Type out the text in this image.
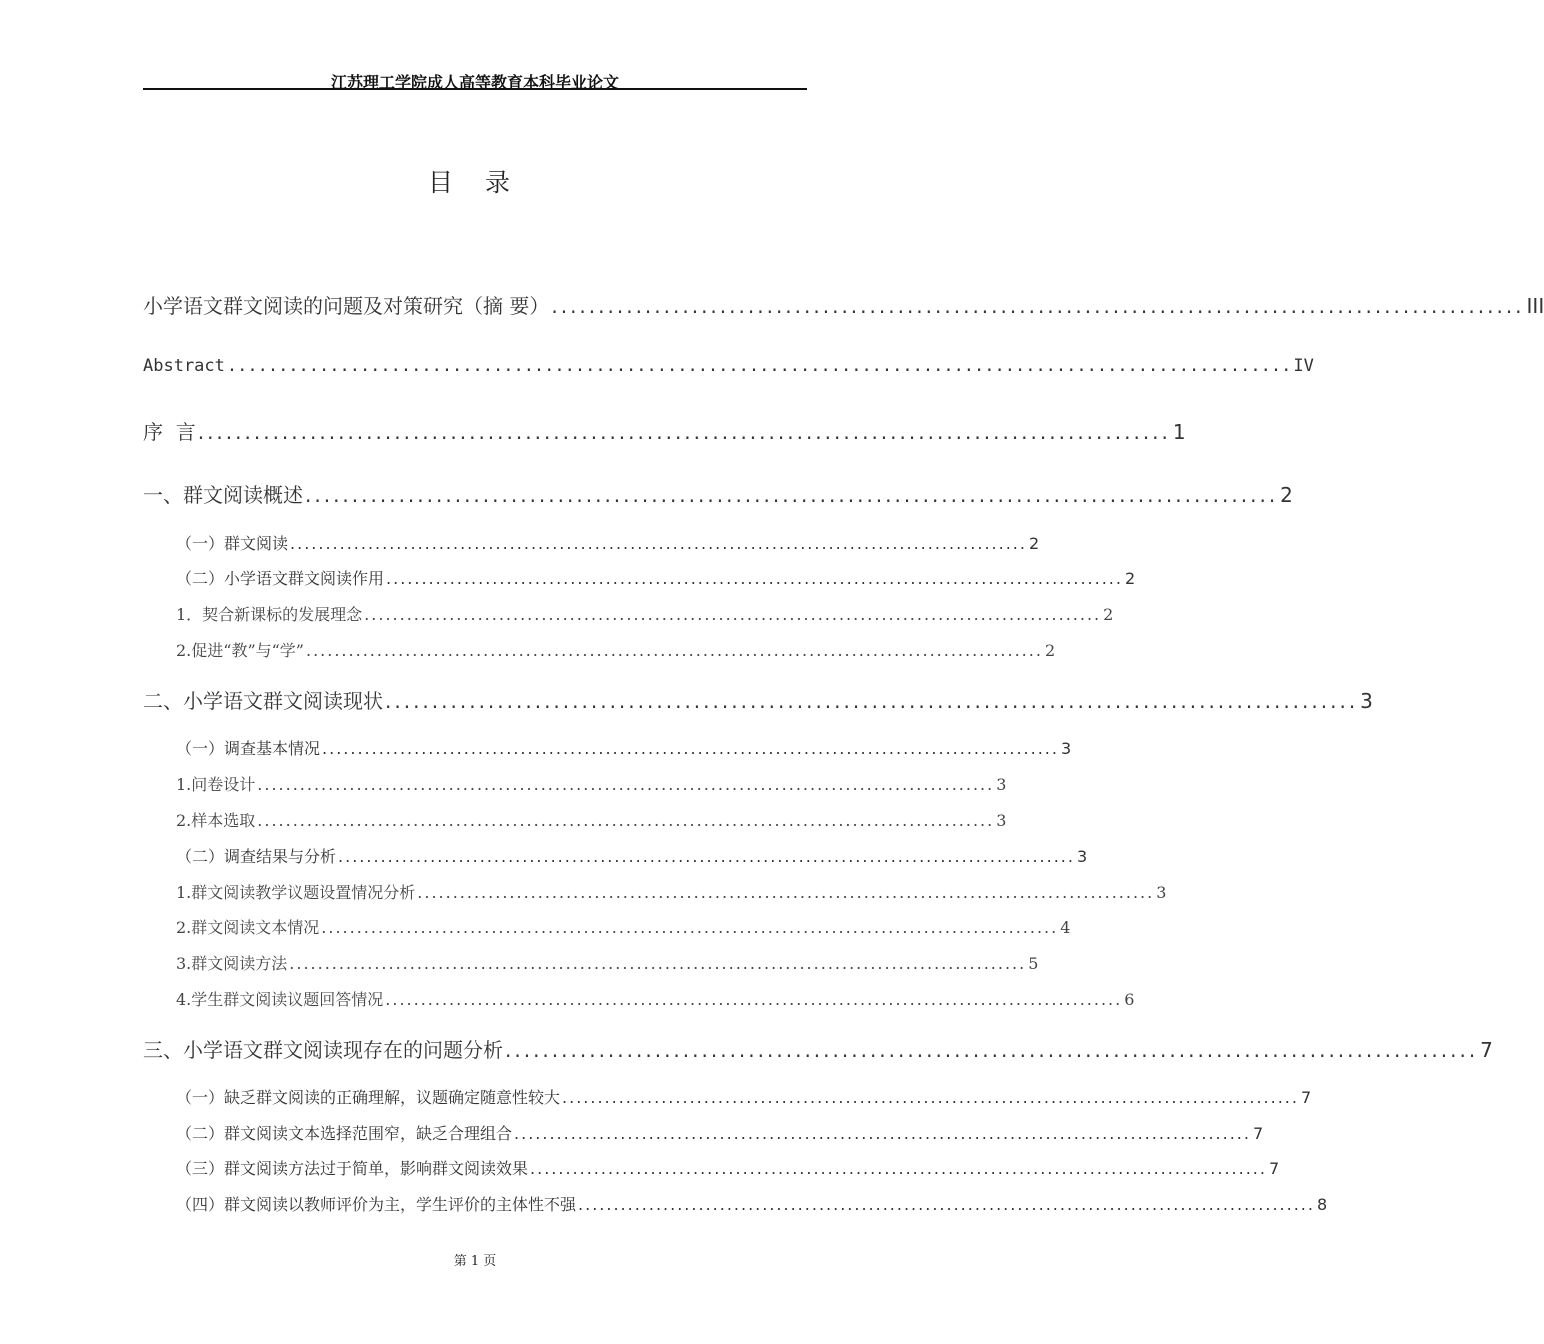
江苏理工学院成人高等教育本科毕业论文
目 录
小学语文群文阅读的问题及对策研究（摘 要） ........................................................................................................ III
Abstract ........................................................................................................ IV
序  言 ........................................................................................................ 1
一、群文阅读概述 ........................................................................................................ 2
（一）群文阅读 ........................................................................................................ 2
（二）小学语文群文阅读作用 ........................................................................................................ 2
1．契合新课标的发展理念 ........................................................................................................ 2
2.促进“教”与“学” ........................................................................................................ 2
二、小学语文群文阅读现状 ........................................................................................................ 3
（一）调查基本情况 ........................................................................................................ 3
1.问卷设计 ........................................................................................................ 3
2.样本选取 ........................................................................................................ 3
（二）调查结果与分析 ........................................................................................................ 3
1.群文阅读教学议题设置情况分析 ........................................................................................................ 3
2.群文阅读文本情况 ........................................................................................................ 4
3.群文阅读方法 ........................................................................................................ 5
4.学生群文阅读议题回答情况 ........................................................................................................ 6
三、小学语文群文阅读现存在的问题分析 ........................................................................................................ 7
（一）缺乏群文阅读的正确理解，议题确定随意性较大 ........................................................................................................ 7
（二）群文阅读文本选择范围窄，缺乏合理组合 ........................................................................................................ 7
（三）群文阅读方法过于简单，影响群文阅读效果 ........................................................................................................ 7
（四）群文阅读以教师评价为主，学生评价的主体性不强 ........................................................................................................ 8
第 1 页
